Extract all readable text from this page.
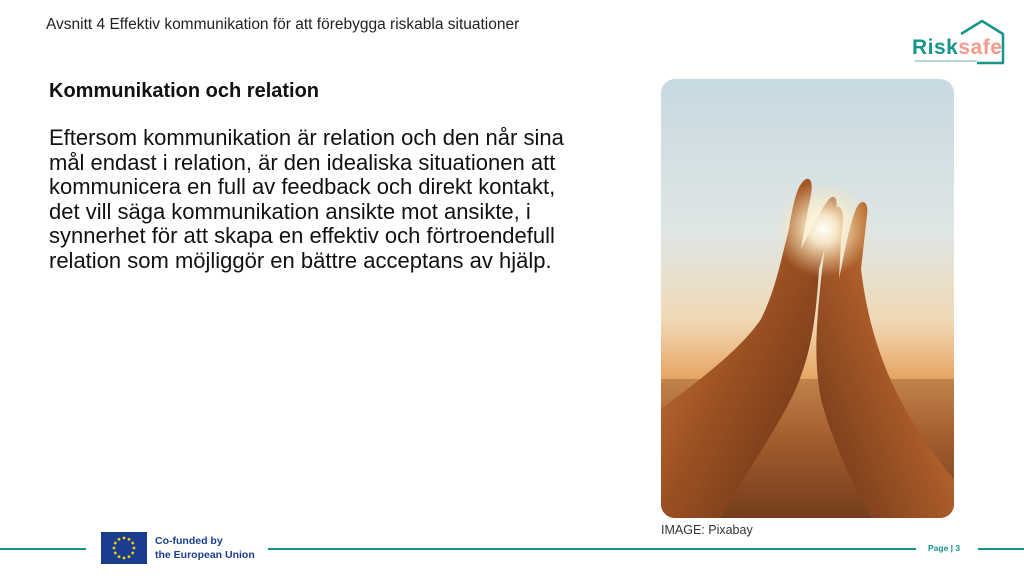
Avsnitt 4 Effektiv kommunikation för att förebygga riskabla situationer
Risksafe
Kommunikation och relation
Eftersom kommunikation är relation och den når sina mål endast i relation, är den idealiska situationen att kommunicera en full av feedback och direkt kontakt, det vill säga kommunikation ansikte mot ansikte, i synnerhet för att skapa en effektiv och förtroendefull relation som möjliggör en bättre acceptans av hjälp.
IMAGE: Pixabay
Co-funded by
the European Union
Page | 3
